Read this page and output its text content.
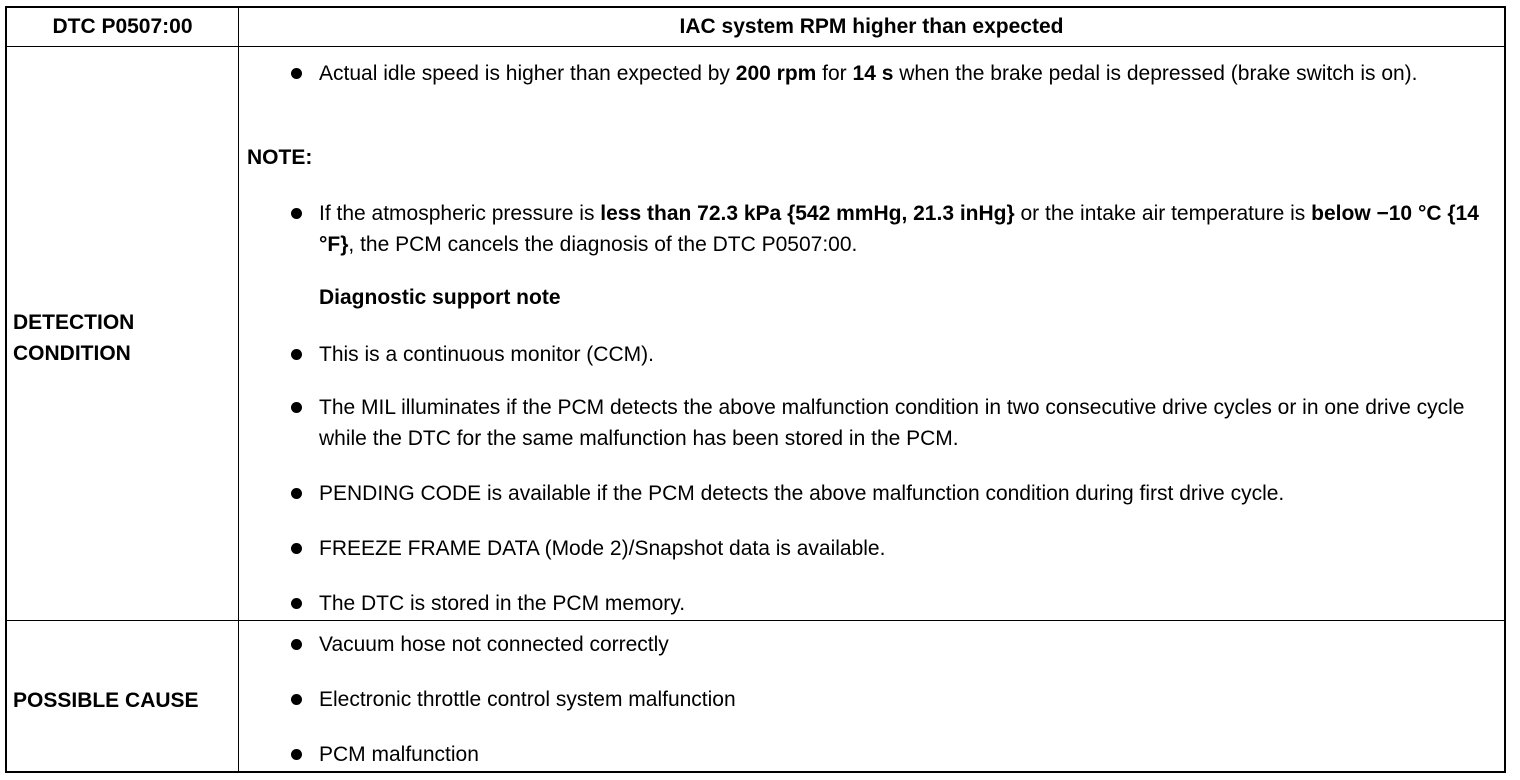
DTC P0507:00	IAC system RPM higher than expected
DETECTION
CONDITION
Actual idle speed is higher than expected by 200 rpm for 14 s when the brake pedal is depressed (brake switch is on).
NOTE:
If the atmospheric pressure is less than 72.3 kPa {542 mmHg, 21.3 inHg} or the intake air temperature is below −10 °C {14 °F}, the PCM cancels the diagnosis of the DTC P0507:00.
Diagnostic support note
This is a continuous monitor (CCM).
The MIL illuminates if the PCM detects the above malfunction condition in two consecutive drive cycles or in one drive cycle while the DTC for the same malfunction has been stored in the PCM.
PENDING CODE is available if the PCM detects the above malfunction condition during first drive cycle.
FREEZE FRAME DATA (Mode 2)/Snapshot data is available.
The DTC is stored in the PCM memory.
POSSIBLE CAUSE
Vacuum hose not connected correctly
Electronic throttle control system malfunction
PCM malfunction
